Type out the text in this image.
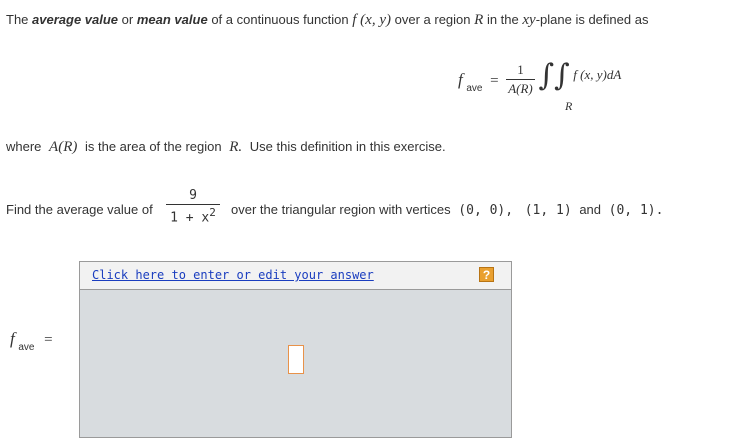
The average value or mean value of a continuous function f (x, y) over a region R in the xy-plane is defined as
f $_{ave} = \frac{1}{A(R)}$ ∫∫ f (x, y)dA
R
where A(R) is the area of the region R. Use this definition in this exercise.
Find the average value of $\frac{9}{1 + x^2}$ over the triangular region with vertices (0, 0), (1, 1) and (0, 1).
f $_{ave}$ =
Click here to enter or edit your answer	?
